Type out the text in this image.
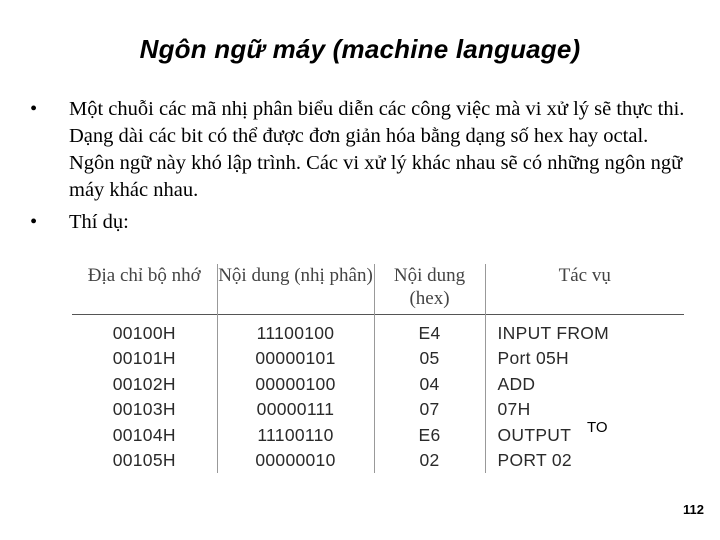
Ngôn ngữ máy (machine language)
•	Một chuỗi các mã nhị phân biểu diễn các công việc mà vi xử lý sẽ thực thi. Dạng dài các bit có thể được đơn giản hóa bằng dạng số hex hay octal. Ngôn ngữ này khó lập trình. Các vi xử lý khác nhau sẽ có những ngôn ngữ máy khác nhau.
•	Thí dụ:
Địa chỉ bộ nhớ	Nội dung (nhị phân)	Nội dung (hex)	Tác vụ
00100H	11100100	E4	INPUT FROM
00101H	00000101	05	Port 05H
00102H	00000100	04	ADD
00103H	00000111	07	07H
00104H	11100110	E6	OUTPUT
00105H	00000010	02	PORT 02
TO
112
